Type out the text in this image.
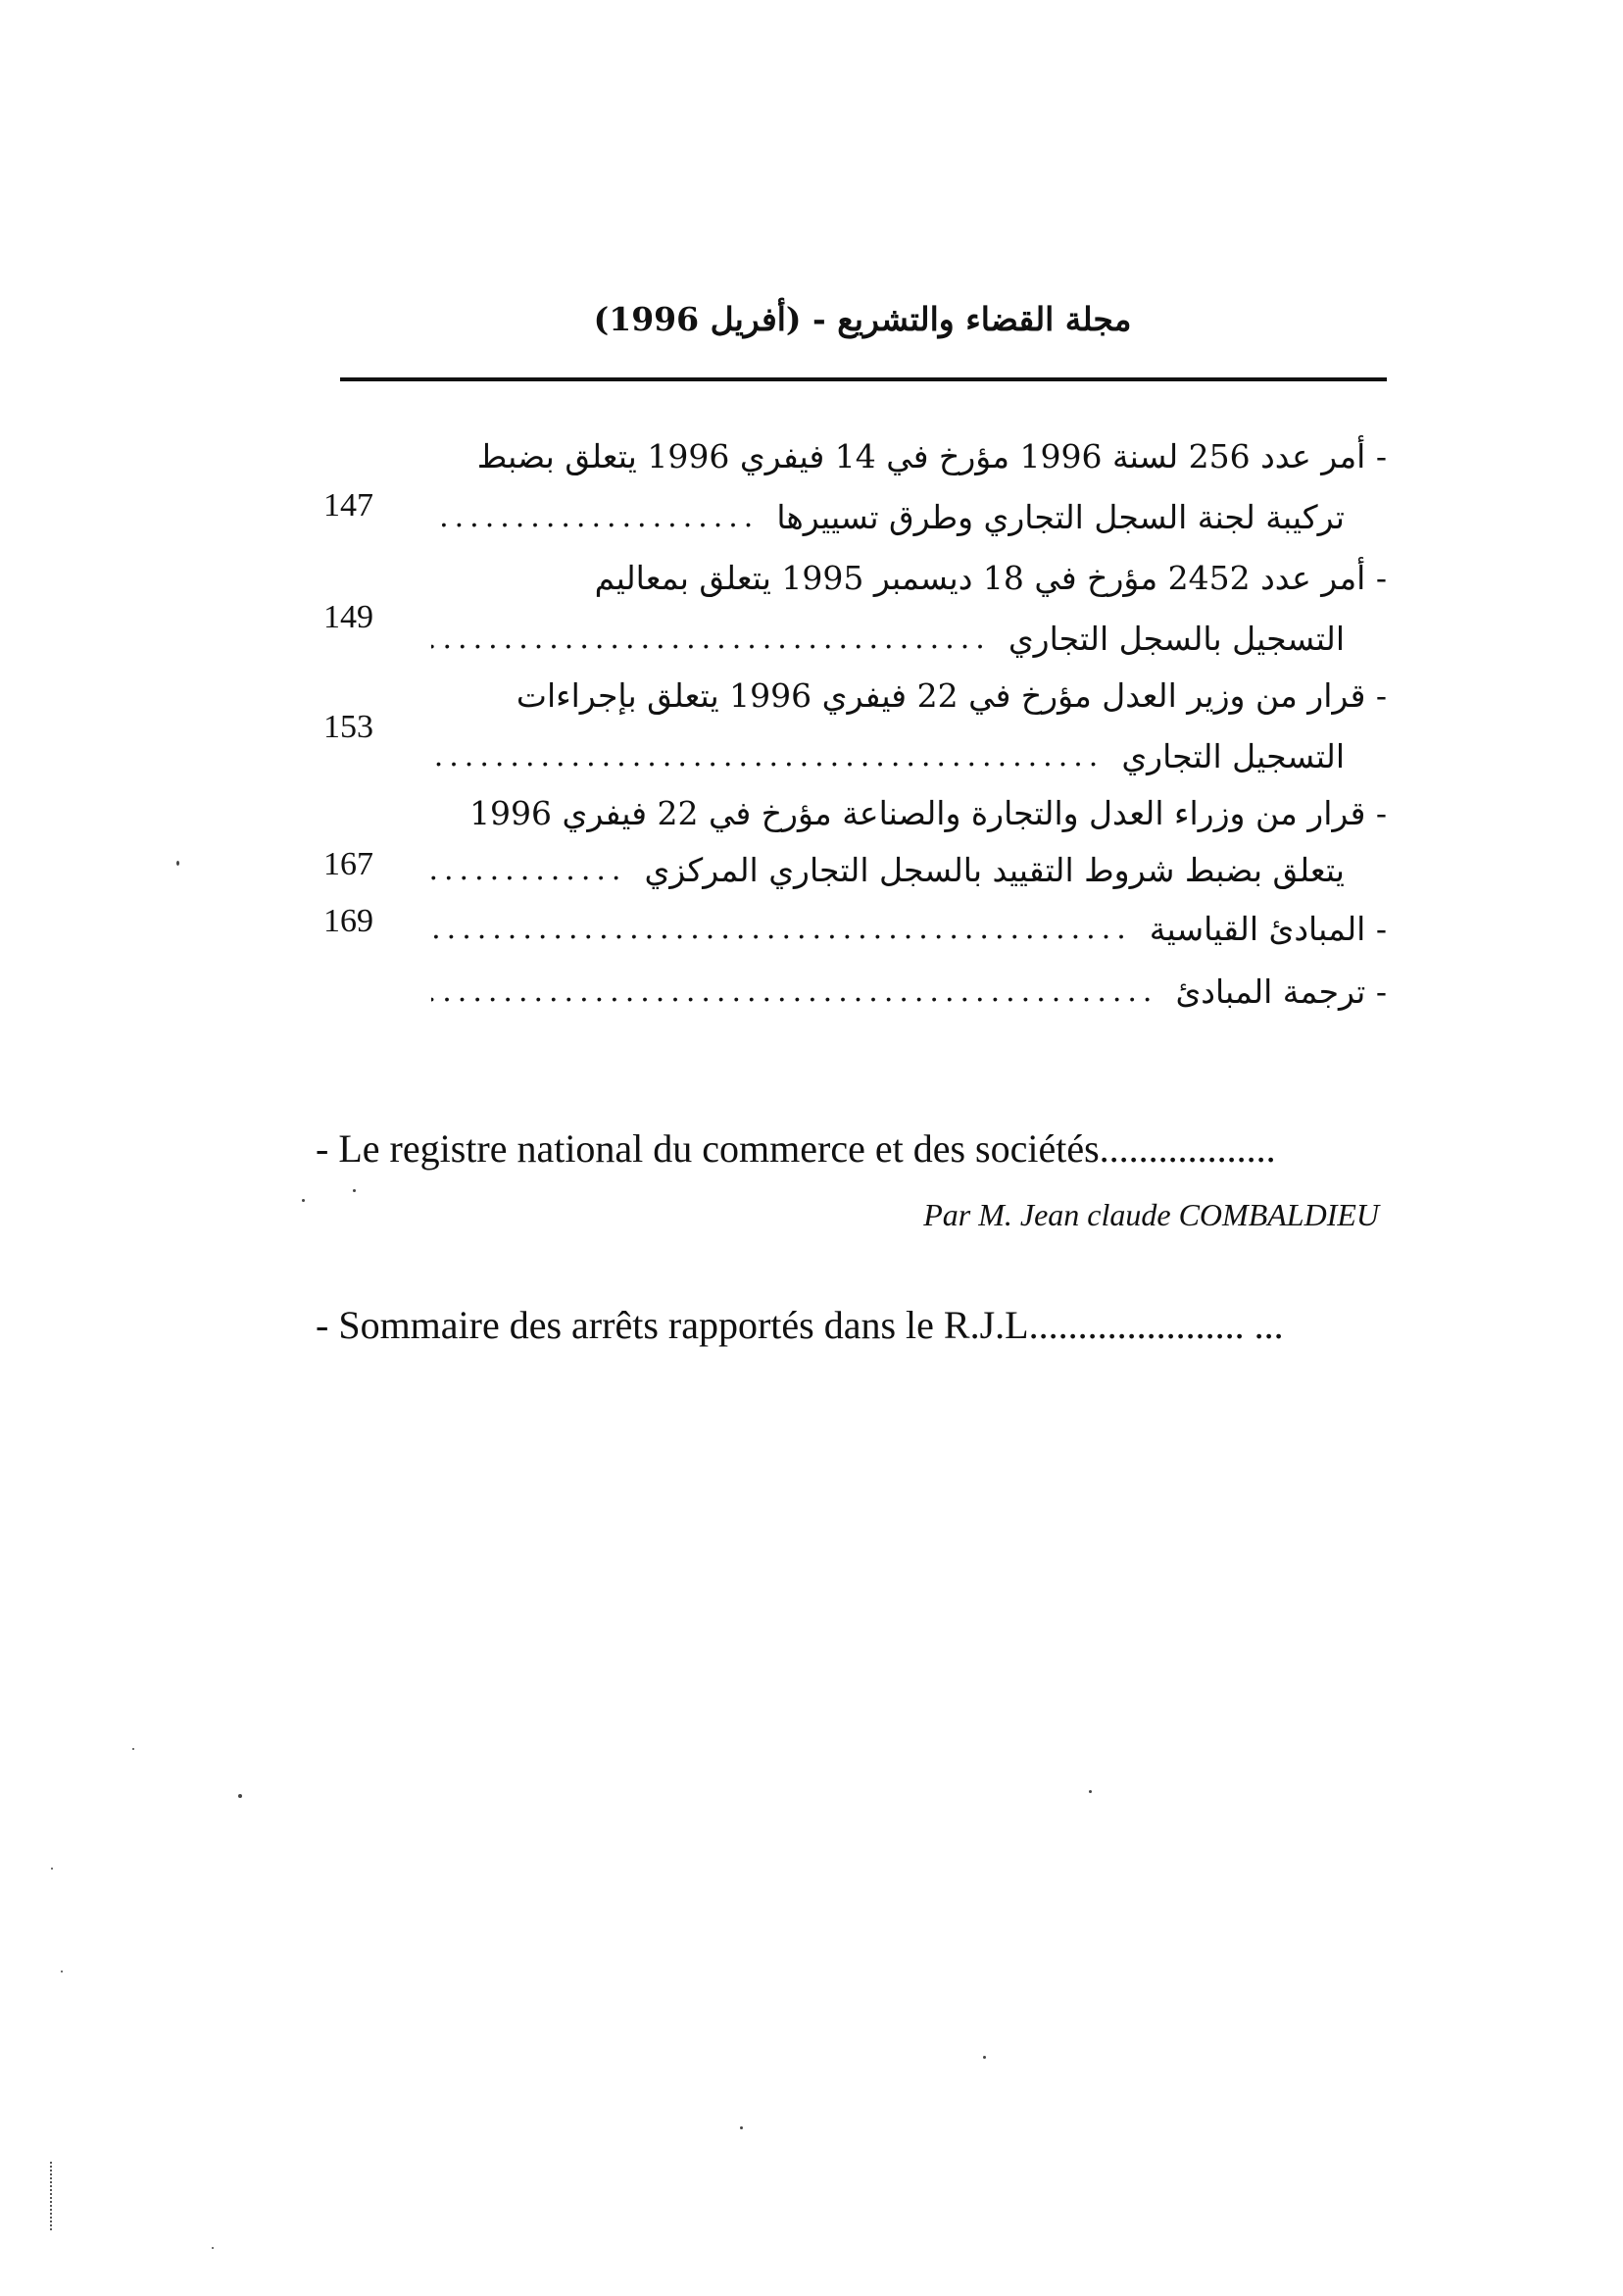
مجلة القضاء والتشريع - (أفريل 1996)
- أمر عدد 256 لسنة 1996 مؤرخ في 14 فيفري 1996 يتعلق بضبط
تركيبة لجنة السجل التجاري وطرق تسييرها
.....
147
- أمر عدد 2452 مؤرخ في 18 ديسمبر 1995 يتعلق بمعاليم
التسجيل بالسجل التجاري
.....
149
- قرار من وزير العدل مؤرخ في 22 فيفري 1996 يتعلق بإجراءات
التسجيل التجاري
.....
153
- قرار من وزراء العدل والتجارة والصناعة مؤرخ في 22 فيفري 1996
يتعلق بضبط شروط التقييد بالسجل التجاري المركزي
.....
167
- المبادئ القياسية
.....
169
- ترجمة المبادئ
.....
- Le registre national du commerce et des sociétés..................
Par M. Jean claude COMBALDIEU
- Sommaire des arrêts rapportés dans le R.J.L...................... ...
